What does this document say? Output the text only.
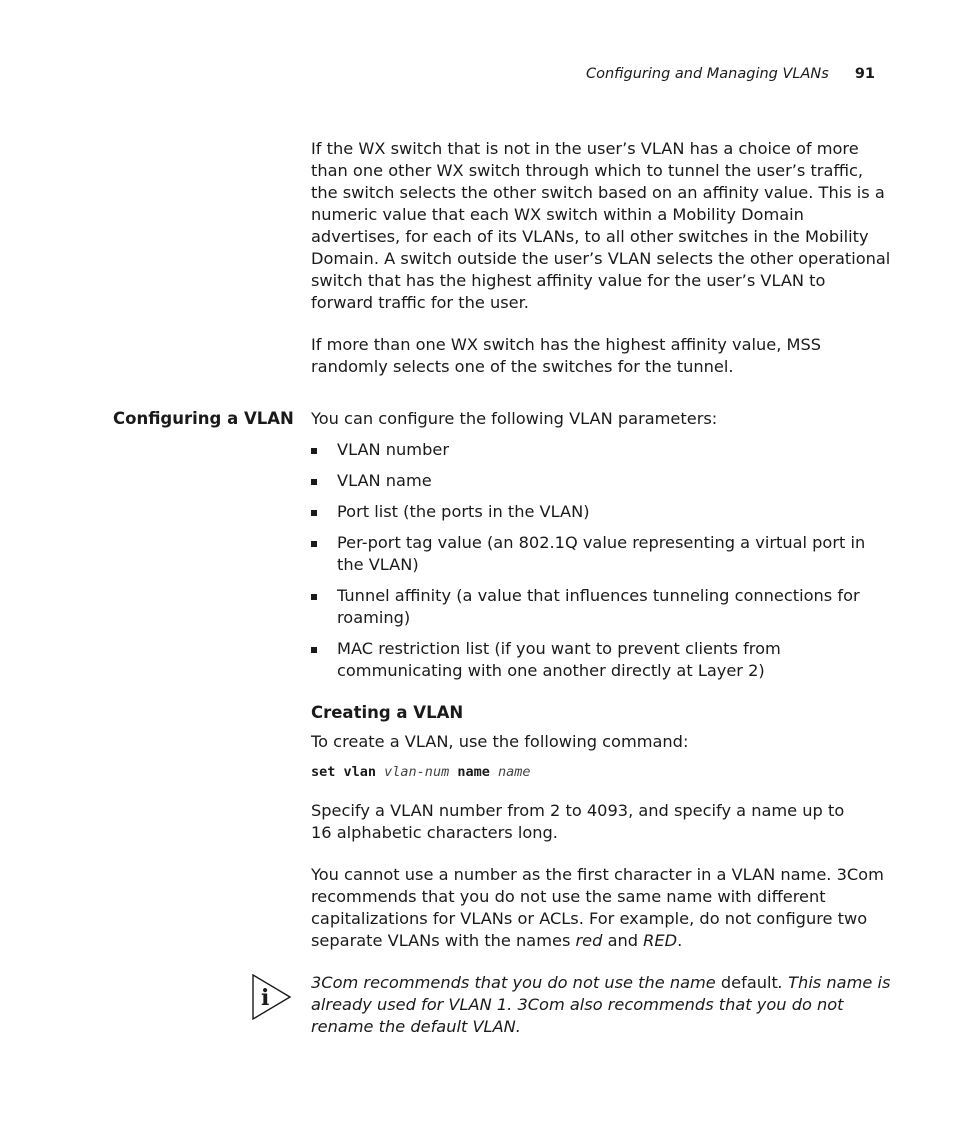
Configuring and Managing VLANs 91

If the WX switch that is not in the user’s VLAN has a choice of more than one other WX switch through which to tunnel the user’s traffic, the switch selects the other switch based on an affinity value. This is a numeric value that each WX switch within a Mobility Domain advertises, for each of its VLANs, to all other switches in the Mobility Domain. A switch outside the user’s VLAN selects the other operational switch that has the highest affinity value for the user’s VLAN to forward traffic for the user.

If more than one WX switch has the highest affinity value, MSS randomly selects one of the switches for the tunnel.

Configuring a VLAN You can configure the following VLAN parameters:

VLAN number
VLAN name
Port list (the ports in the VLAN)
Per-port tag value (an 802.1Q value representing a virtual port in the VLAN)
Tunnel affinity (a value that influences tunneling connections for roaming)
MAC restriction list (if you want to prevent clients from communicating with one another directly at Layer 2)

Creating a VLAN

To create a VLAN, use the following command:

set vlan vlan-num name name

Specify a VLAN number from 2 to 4093, and specify a name up to
16 alphabetic characters long.

You cannot use a number as the first character in a VLAN name. 3Com recommends that you do not use the same name with different capitalizations for VLANs or ACLs. For example, do not configure two separate VLANs with the names red and RED.

3Com recommends that you do not use the name default. This name is already used for VLAN 1. 3Com also recommends that you do not rename the default VLAN.

i
